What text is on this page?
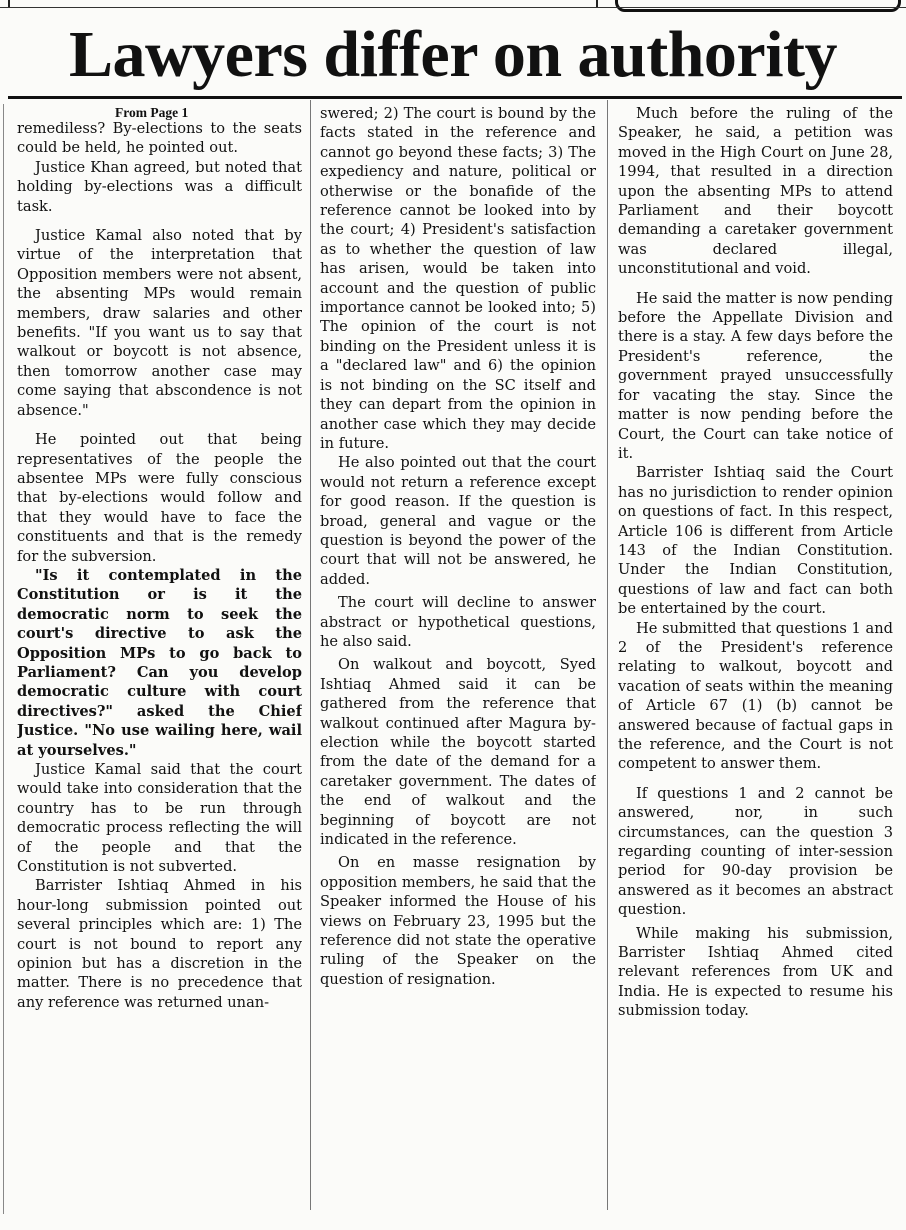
Lawyers differ on authority
From Page 1

remediless? By-elections to the seats could be held, he pointed out.

Justice Khan agreed, but noted that holding by-elections was a difficult task.

Justice Kamal also noted that by virtue of the interpretation that Opposition members were not absent, the absenting MPs would remain members, draw salaries and other benefits. "If you want us to say that walkout or boycott is not absence, then tomorrow another case may come saying that abscondence is not absence."

He pointed out that being representatives of the people the absentee MPs were fully conscious that by-elections would follow and that they would have to face the constituents and that is the remedy for the subversion.

"Is it contemplated in the Constitution or is it the democratic norm to seek the court's directive to ask the Opposition MPs to go back to Parliament? Can you develop democratic culture with court directives?" asked the Chief Justice. "No use wailing here, wail at yourselves."

Justice Kamal said that the court would take into consideration that the country has to be run through democratic process reflecting the will of the people and that the Constitution is not subverted.

Barrister Ishtiaq Ahmed in his hour-long submission pointed out several principles which are: 1) The court is not bound to report any opinion but has a discretion in the matter. There is no precedence that any reference was returned unan-

swered; 2) The court is bound by the facts stated in the reference and cannot go beyond these facts; 3) The expediency and nature, political or otherwise or the bonafide of the reference cannot be looked into by the court; 4) President's satisfaction as to whether the question of law has arisen, would be taken into account and the question of public importance cannot be looked into; 5) The opinion of the court is not binding on the President unless it is a "declared law" and 6) the opinion is not binding on the SC itself and they can depart from the opinion in another case which they may decide in future.

He also pointed out that the court would not return a reference except for good reason. If the question is broad, general and vague or the question is beyond the power of the court that will not be answered, he added.

The court will decline to answer abstract or hypothetical questions, he also said.

On walkout and boycott, Syed Ishtiaq Ahmed said it can be gathered from the reference that walkout continued after Magura by-election while the boycott started from the date of the demand for a caretaker government. The dates of the end of walkout and the beginning of boycott are not indicated in the reference.

On en masse resignation by opposition members, he said that the Speaker informed the House of his views on February 23, 1995 but the reference did not state the operative ruling of the Speaker on the question of resignation.

Much before the ruling of the Speaker, he said, a petition was moved in the High Court on June 28, 1994, that resulted in a direction upon the absenting MPs to attend Parliament and their boycott demanding a caretaker government was declared illegal, unconstitutional and void.

He said the matter is now pending before the Appellate Division and there is a stay. A few days before the President's reference, the government prayed unsuccessfully for vacating the stay. Since the matter is now pending before the Court, the Court can take notice of it.

Barrister Ishtiaq said the Court has no jurisdiction to render opinion on questions of fact. In this respect, Article 106 is different from Article 143 of the Indian Constitution. Under the Indian Constitution, questions of law and fact can both be entertained by the court.

He submitted that questions 1 and 2 of the President's reference relating to walkout, boycott and vacation of seats within the meaning of Article 67 (1) (b) cannot be answered because of factual gaps in the reference, and the Court is not competent to answer them.

If questions 1 and 2 cannot be answered, nor, in such circumstances, can the question 3 regarding counting of inter-session period for 90-day provision be answered as it becomes an abstract question.

While making his submission, Barrister Ishtiaq Ahmed cited relevant references from UK and India. He is expected to resume his submission today.
